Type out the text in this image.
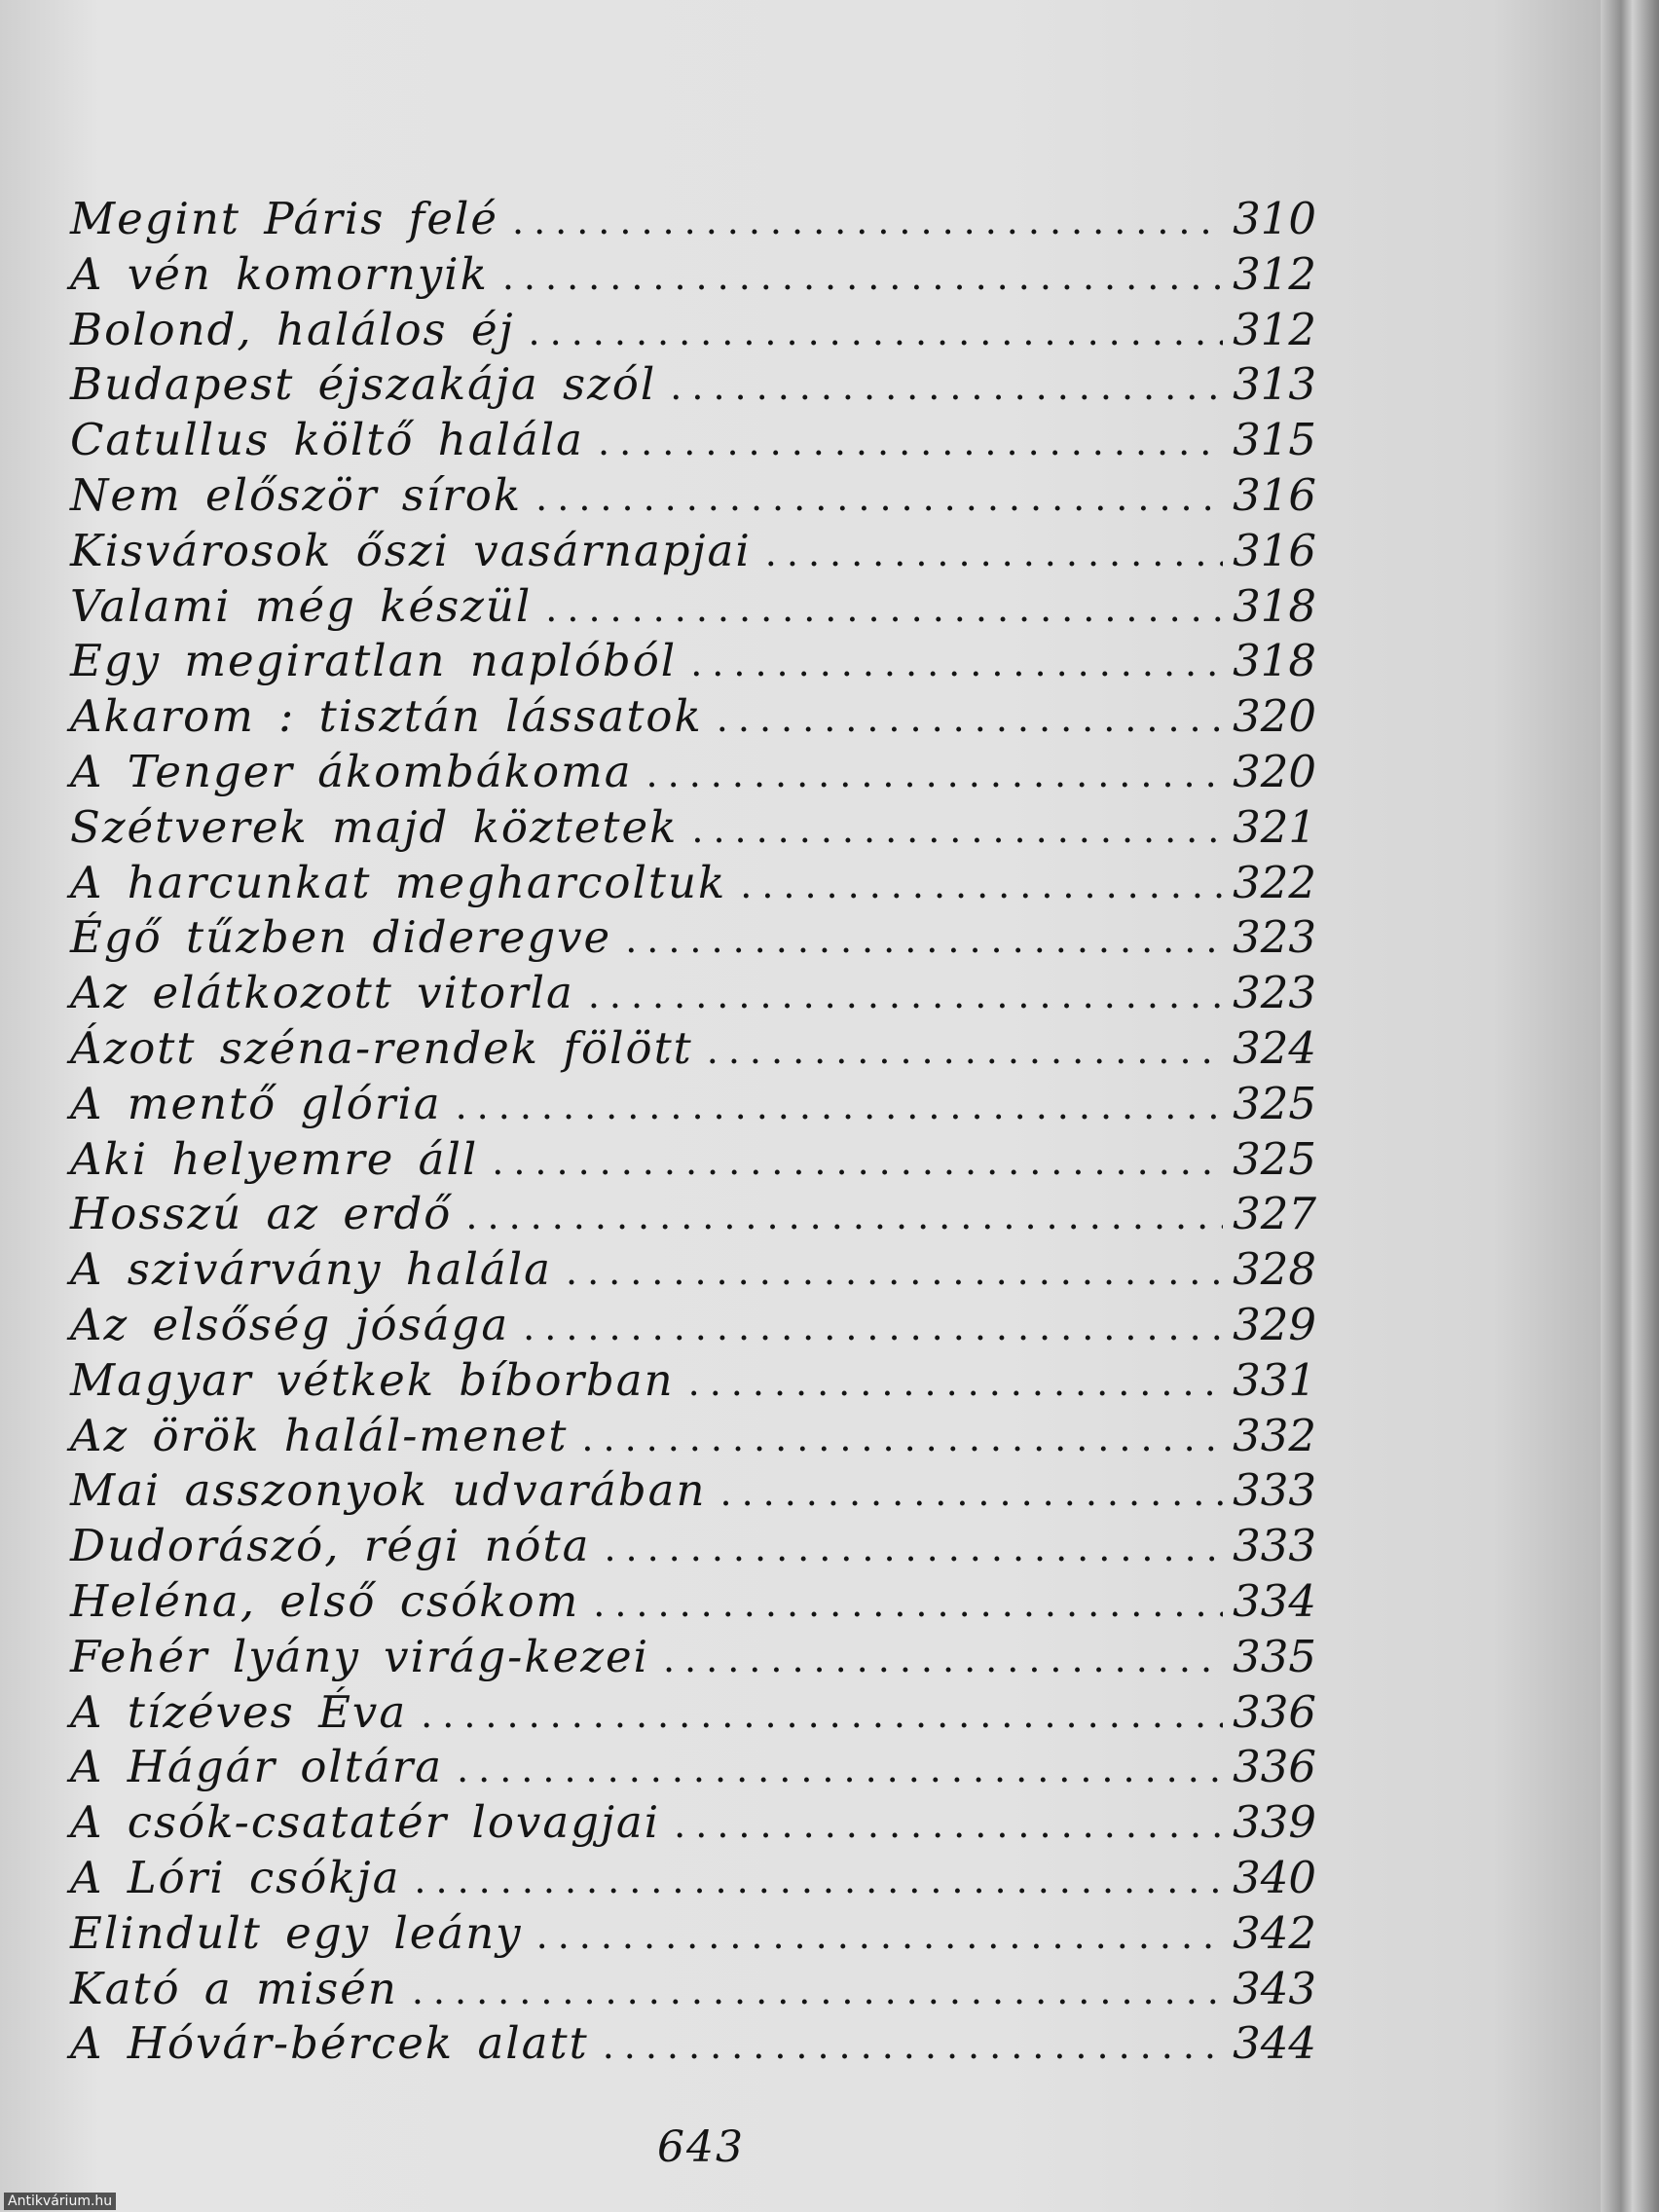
Megint Páris felé .....	310
A vén komornyik .....	312
Bolond, halálos éj .....	312
Budapest éjszakája szól .....	313
Catullus költő halála .....	315
Nem először sírok .....	316
Kisvárosok őszi vasárnapjai .....	316
Valami még készül .....	318
Egy megiratlan naplóból .....	318
Akarom : tisztán lássatok .....	320
A Tenger ákombákoma .....	320
Szétverek majd köztetek .....	321
A harcunkat megharcoltuk .....	322
Égő tűzben dideregve .....	323
Az elátkozott vitorla .....	323
Ázott széna-rendek fölött .....	324
A mentő glória .....	325
Aki helyemre áll .....	325
Hosszú az erdő .....	327
A szivárvány halála .....	328
Az elsőség jósága .....	329
Magyar vétkek bíborban .....	331
Az örök halál-menet .....	332
Mai asszonyok udvarában .....	333
Dudorászó, régi nóta .....	333
Heléna, első csókom .....	334
Fehér lyány virág-kezei .....	335
A tízéves Éva .....	336
A Hágár oltára .....	336
A csók-csatatér lovagjai .....	339
A Lóri csókja .....	340
Elindult egy leány .....	342
Kató a misén .....	343
A Hóvár-bércek alatt .....	344
643
Antikvárium.hu
